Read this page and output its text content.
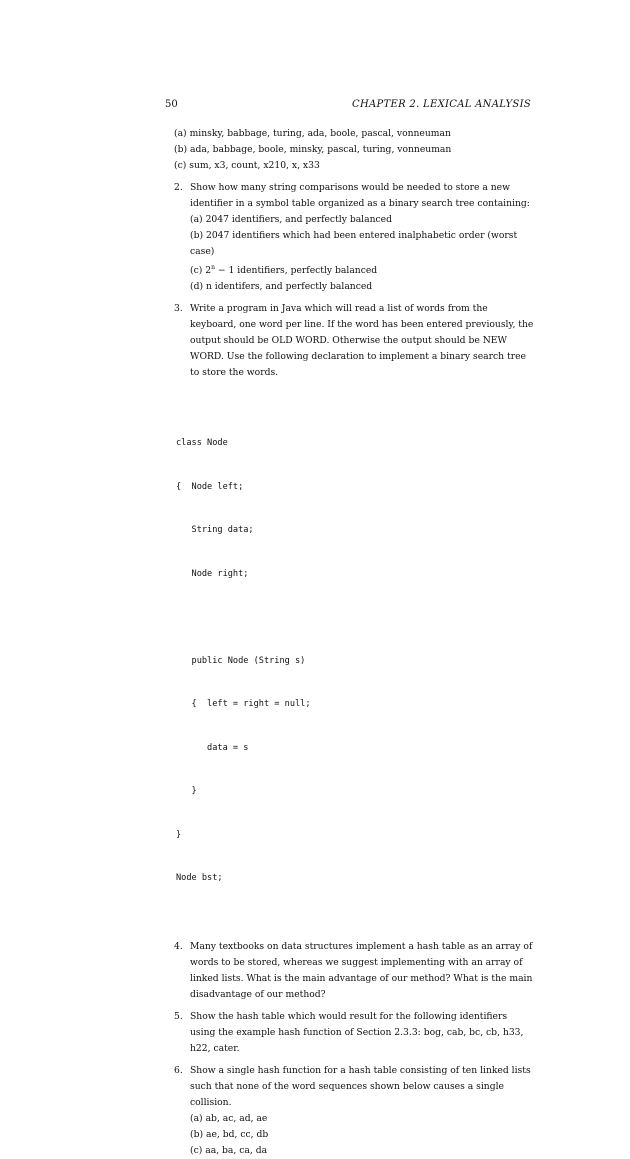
50	CHAPTER 2. LEXICAL ANALYSIS

(a) minsky, babbage, turing, ada, boole, pascal, vonneuman

(b) ada, babbage, boole, minsky, pascal, turing, vonneuman

(c) sum, x3, count, x210, x, x33

2. Show how many string comparisons would be needed to store a new identifier in a symbol table organized as a binary search tree containing:

(a) 2047 identifiers, and perfectly balanced

(b) 2047 identifiers which had been entered inalphabetic order (worst case)

(c) $2^n - 1$ identifiers, perfectly balanced

(d) n identifers, and perfectly balanced

3. Write a program in Java which will read a list of words from the keyboard, one word per line. If the word has been entered previously, the output should be OLD WORD. Otherwise the output should be NEW WORD. Use the following declaration to implement a binary search tree to store the words.

class Node

{  Node left;

String data;

Node right;

public Node (String s)

{  left = right = null;

data = s

}

}

Node bst;

4. Many textbooks on data structures implement a hash table as an array of words to be stored, whereas we suggest implementing with an array of linked lists. What is the main advantage of our method? What is the main disadvantage of our method?

5. Show the hash table which would result for the following identifiers using the example hash function of Section 2.3.3: bog, cab, bc, cb, h33, h22, cater.

6. Show a single hash function for a hash table consisting of ten linked lists such that none of the word sequences shown below causes a single collision.

(a) ab, ac, ad, ae

(b) ae, bd, cc, db

(c) aa, ba, ca, da
